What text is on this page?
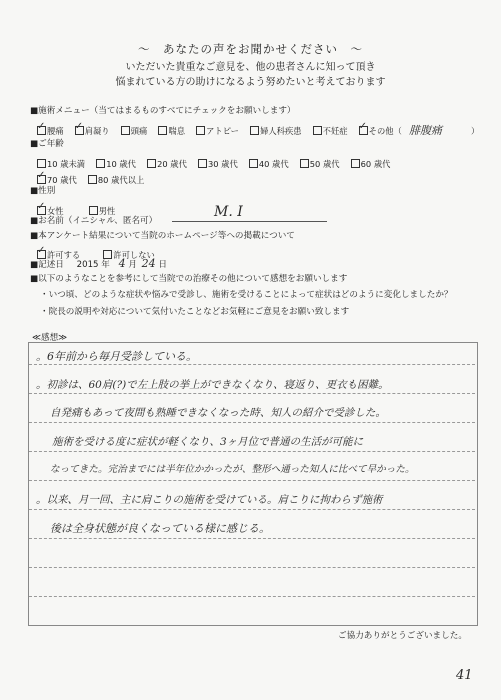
〜　あなたの声をお聞かせください　〜
いただいた貴重なご意見を、他の患者さんに知って頂き
悩まれている方の助けになるよう努めたいと考えております
■施術メニュー（当てはまるものすべてにチェックをお願いします）
✓腰痛 ✓	肩凝り	頭痛	喘息	アトピー	婦人科疾患	不妊症 ✓	その他（ 腓腹痛	）
■ご年齢
10 歳未満	10 歳代	20 歳代	30 歳代	40 歳代	50 歳代	60 歳代
✓70 歳代	80 歳代以上
■性別
✓女性	男性
■お名前（イニシャル、匿名可）
M. I
■本アンケート結果について当院のホームページ等への掲載について
✓許可する	許可しない
■記述日 2015 年 4 月 24 日
■以下のようなことを参考にして当院での治療その他について感想をお願いします
・いつ頃、どのような症状や悩みで受診し、施術を受けることによって症状はどのように変化しましたか？
・院長の説明や対応について気付いたことなどお気軽にご意見をお願い致します
≪感想≫
。6年前から毎月受診している。
。初診は、60肩(?)で左上肢の挙上ができなくなり、寝返り、更衣も困難。
自発痛もあって夜間も熟睡できなくなった時、知人の紹介で受診した。
施術を受ける度に症状が軽くなり、3ヶ月位で普通の生活が可能に
なってきた。完治までには半年位かかったが、整形へ通った知人に比べて早かった。
。以来、月一回、主に肩こりの施術を受けている。肩こりに拘わらず施術
後は全身状態が良くなっている様に感じる。
ご協力ありがとうございました。
41
